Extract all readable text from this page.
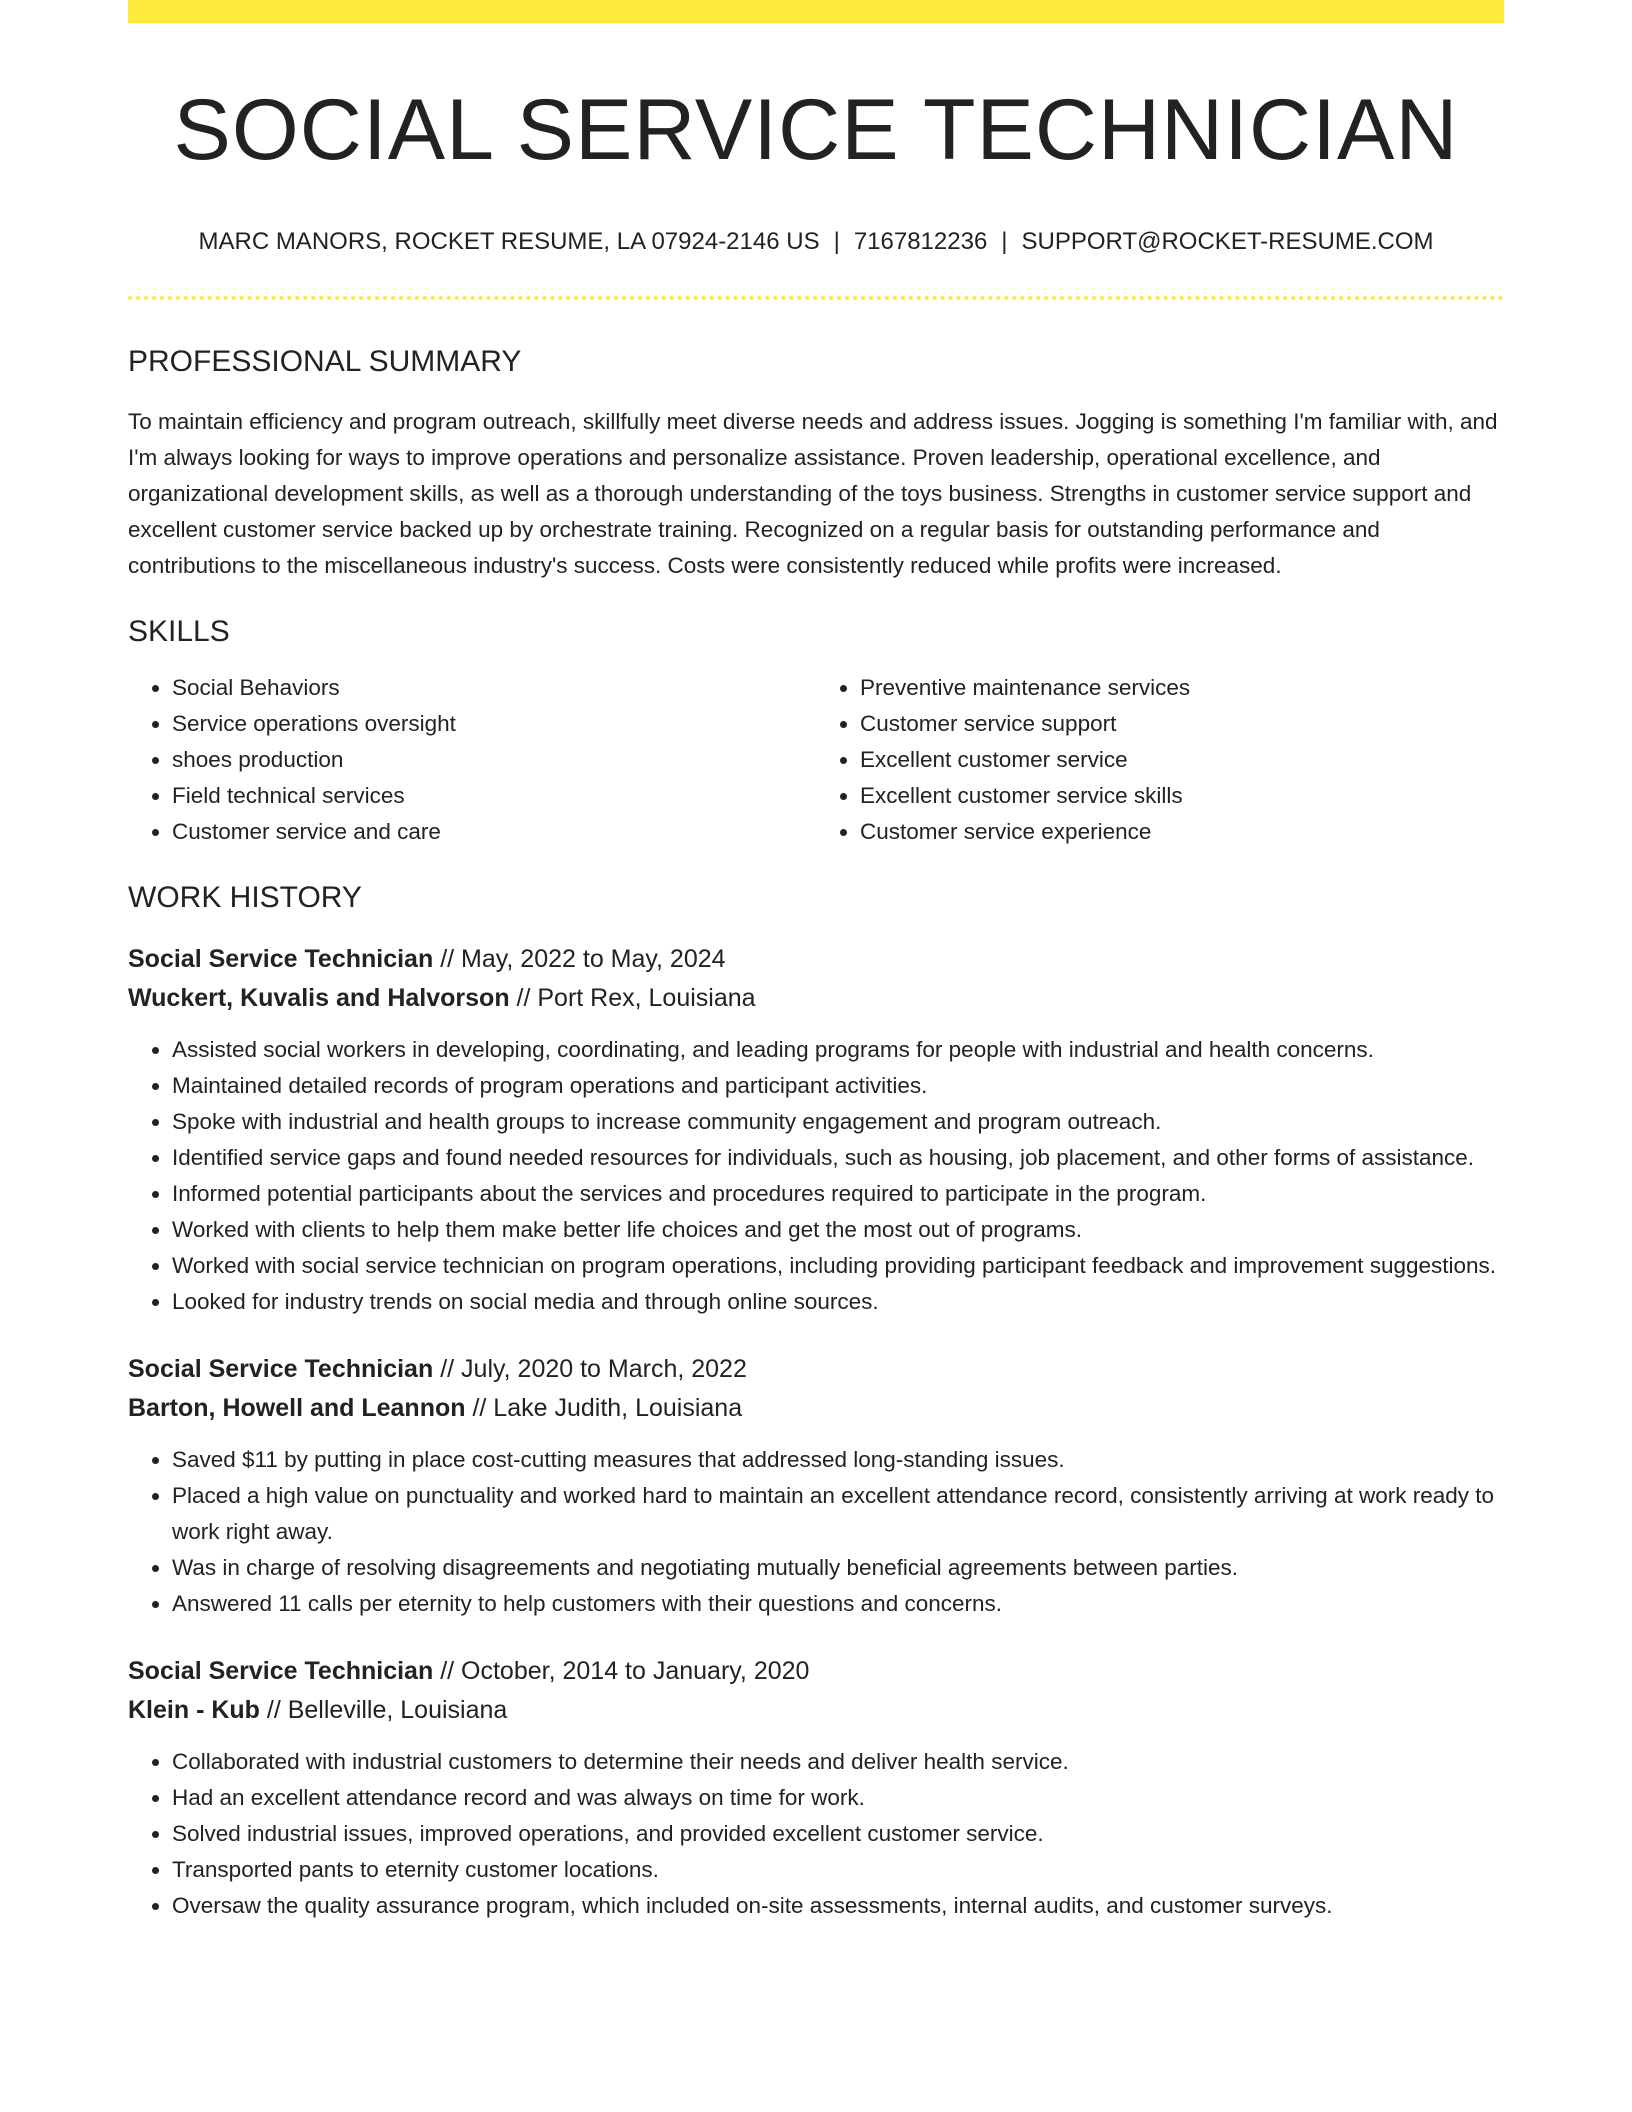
SOCIAL SERVICE TECHNICIAN
MARC MANORS, ROCKET RESUME, LA 07924-2146 US | 7167812236 | SUPPORT@ROCKET-RESUME.COM
PROFESSIONAL SUMMARY

To maintain efficiency and program outreach, skillfully meet diverse needs and address issues. Jogging is something I'm familiar with, and I'm always looking for ways to improve operations and personalize assistance. Proven leadership, operational excellence, and organizational development skills, as well as a thorough understanding of the toys business. Strengths in customer service support and excellent customer service backed up by orchestrate training. Recognized on a regular basis for outstanding performance and contributions to the miscellaneous industry's success. Costs were consistently reduced while profits were increased.

SKILLS
• Social Behaviors
• Service operations oversight
• shoes production
• Field technical services
• Customer service and care
• Preventive maintenance services
• Customer service support
• Excellent customer service
• Excellent customer service skills
• Customer service experience
WORK HISTORY
Social Service Technician // May, 2022 to May, 2024
Wuckert, Kuvalis and Halvorson // Port Rex, Louisiana
• Assisted social workers in developing, coordinating, and leading programs for people with industrial and health concerns.
• Maintained detailed records of program operations and participant activities.
• Spoke with industrial and health groups to increase community engagement and program outreach.
• Identified service gaps and found needed resources for individuals, such as housing, job placement, and other forms of assistance.
• Informed potential participants about the services and procedures required to participate in the program.
• Worked with clients to help them make better life choices and get the most out of programs.
• Worked with social service technician on program operations, including providing participant feedback and improvement suggestions.
• Looked for industry trends on social media and through online sources.
Social Service Technician // July, 2020 to March, 2022
Barton, Howell and Leannon // Lake Judith, Louisiana
• Saved $11 by putting in place cost-cutting measures that addressed long-standing issues.
• Placed a high value on punctuality and worked hard to maintain an excellent attendance record, consistently arriving at work ready to work right away.
• Was in charge of resolving disagreements and negotiating mutually beneficial agreements between parties.
• Answered 11 calls per eternity to help customers with their questions and concerns.
Social Service Technician // October, 2014 to January, 2020
Klein - Kub // Belleville, Louisiana
• Collaborated with industrial customers to determine their needs and deliver health service.
• Had an excellent attendance record and was always on time for work.
• Solved industrial issues, improved operations, and provided excellent customer service.
• Transported pants to eternity customer locations.
• Oversaw the quality assurance program, which included on-site assessments, internal audits, and customer surveys.
